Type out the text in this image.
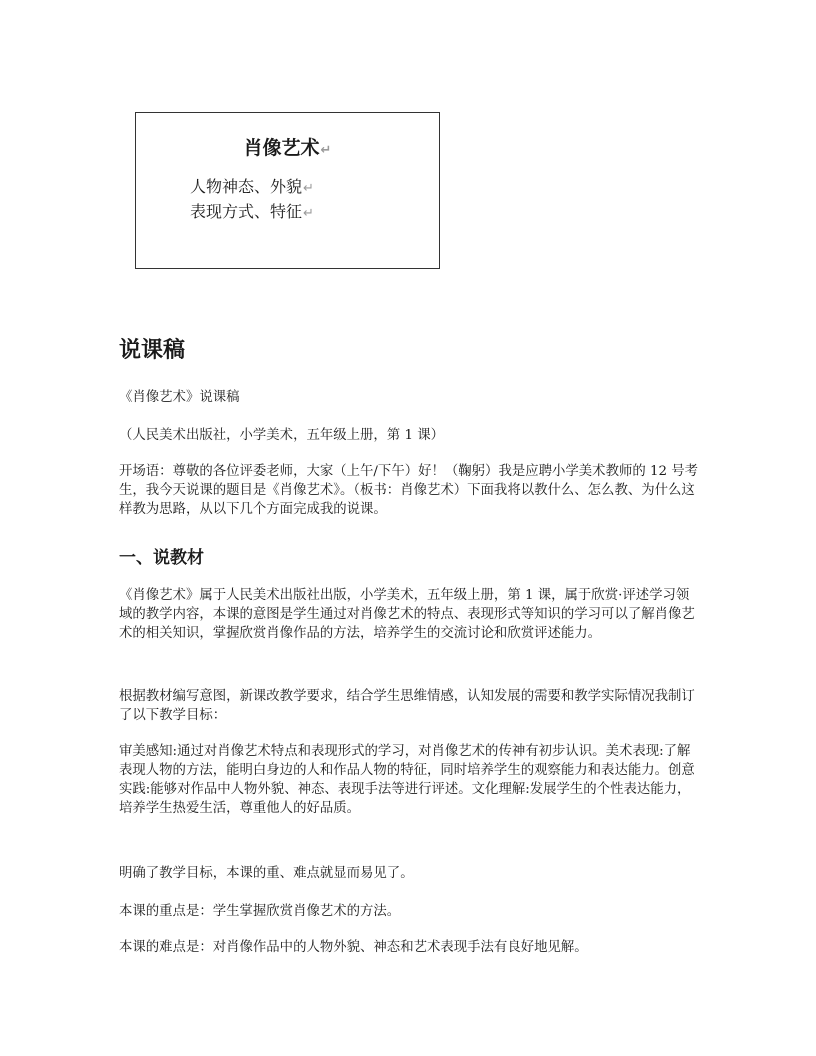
肖像艺术↵
人物神态、外貌↵
表现方式、特征↵
说课稿

《肖像艺术》说课稿

（人民美术出版社，小学美术，五年级上册，第 1 课）

开场语：尊敬的各位评委老师，大家（上午/下午）好！（鞠躬）我是应聘小学美术教师的 12 号考生，我今天说课的题目是《肖像艺术》。（板书：肖像艺术）下面我将以教什么、怎么教、为什么这样教为思路，从以下几个方面完成我的说课。

一、说教材

《肖像艺术》属于人民美术出版社出版，小学美术，五年级上册，第 1 课，属于欣赏·评述学习领域的教学内容，本课的意图是学生通过对肖像艺术的特点、表现形式等知识的学习可以了解肖像艺术的相关知识，掌握欣赏肖像作品的方法，培养学生的交流讨论和欣赏评述能力。

根据教材编写意图，新课改教学要求，结合学生思维情感，认知发展的需要和教学实际情况我制订了以下教学目标：

审美感知:通过对肖像艺术特点和表现形式的学习，对肖像艺术的传神有初步认识。美术表现:了解表现人物的方法，能明白身边的人和作品人物的特征，同时培养学生的观察能力和表达能力。创意实践:能够对作品中人物外貌、神态、表现手法等进行评述。文化理解:发展学生的个性表达能力，培养学生热爱生活，尊重他人的好品质。

明确了教学目标，本课的重、难点就显而易见了。

本课的重点是：学生掌握欣赏肖像艺术的方法。

本课的难点是：对肖像作品中的人物外貌、神态和艺术表现手法有良好地见解。
